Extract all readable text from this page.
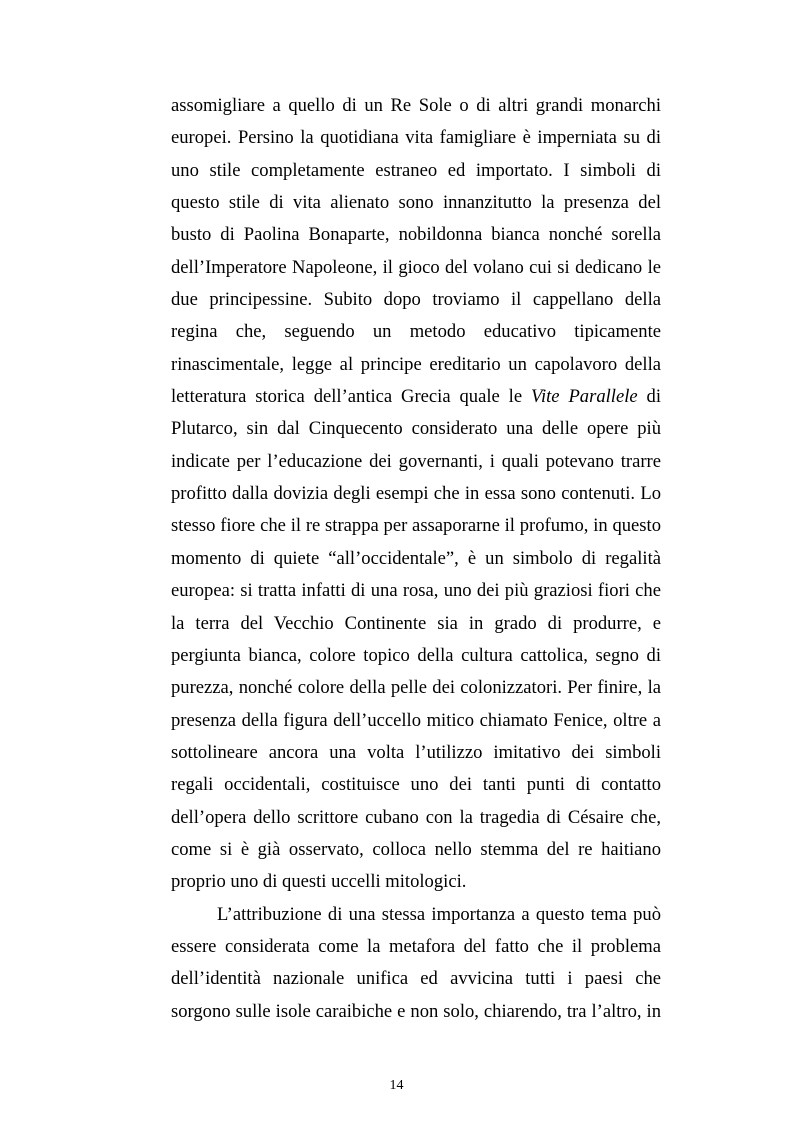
assomigliare a quello di un Re Sole o di altri grandi monarchi
europei. Persino la quotidiana vita famigliare è imperniata su di
uno stile completamente estraneo ed importato. I simboli di
questo stile di vita alienato sono innanzitutto la presenza del
busto di Paolina Bonaparte, nobildonna bianca nonché sorella
dell’Imperatore Napoleone, il gioco del volano cui si dedicano le
due principessine. Subito dopo troviamo il cappellano della
regina che, seguendo un metodo educativo tipicamente
rinascimentale, legge al principe ereditario un capolavoro della
letteratura storica dell’antica Grecia quale le Vite Parallele di
Plutarco, sin dal Cinquecento considerato una delle opere più
indicate per l’educazione dei governanti, i quali potevano trarre
profitto dalla dovizia degli esempi che in essa sono contenuti. Lo
stesso fiore che il re strappa per assaporarne il profumo, in questo
momento di quiete “all’occidentale”, è un simbolo di regalità
europea: si tratta infatti di una rosa, uno dei più graziosi fiori che
la terra del Vecchio Continente sia in grado di produrre, e
pergiunta bianca, colore topico della cultura cattolica, segno di
purezza, nonché colore della pelle dei colonizzatori. Per finire, la
presenza della figura dell’uccello mitico chiamato Fenice, oltre a
sottolineare ancora una volta l’utilizzo imitativo dei simboli
regali occidentali, costituisce uno dei tanti punti di contatto
dell’opera dello scrittore cubano con la tragedia di Césaire che,
come si è già osservato, colloca nello stemma del re haitiano
proprio uno di questi uccelli mitologici.
L’attribuzione di una stessa importanza a questo tema può
essere considerata come la metafora del fatto che il problema
dell’identità nazionale unifica ed avvicina tutti i paesi che
sorgono sulle isole caraibiche e non solo, chiarendo, tra l’altro, in
14
